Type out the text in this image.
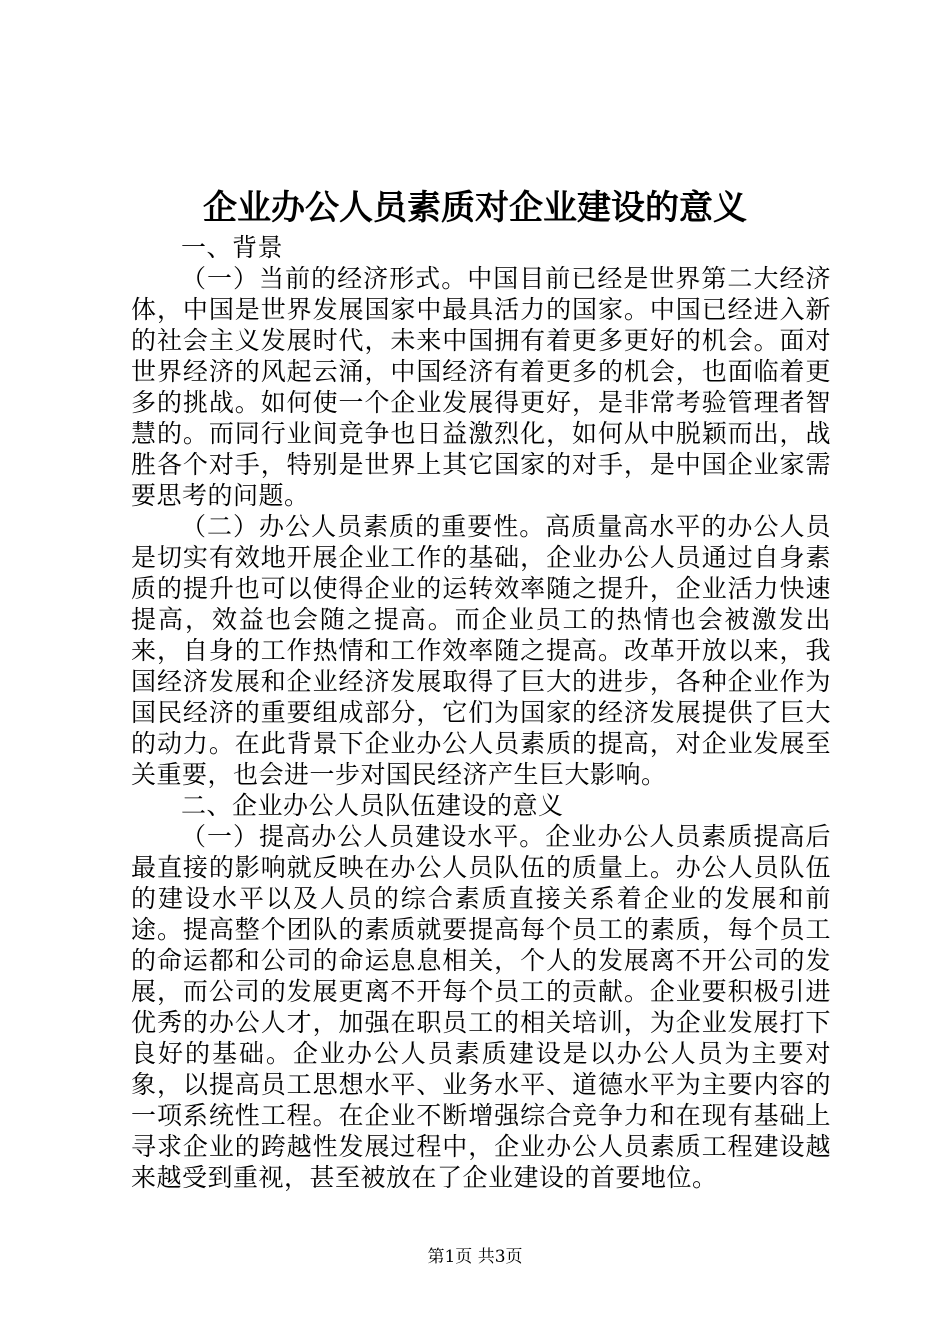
企业办公人员素质对企业建设的意义

一、背景

（一）当前的经济形式。中国目前已经是世界第二大经济体，中国是世界发展国家中最具活力的国家。中国已经进入新的社会主义发展时代，未来中国拥有着更多更好的机会。面对世界经济的风起云涌，中国经济有着更多的机会，也面临着更多的挑战。如何使一个企业发展得更好，是非常考验管理者智慧的。而同行业间竞争也日益激烈化，如何从中脱颖而出，战胜各个对手，特别是世界上其它国家的对手，是中国企业家需要思考的问题。

（二）办公人员素质的重要性。高质量高水平的办公人员是切实有效地开展企业工作的基础，企业办公人员通过自身素质的提升也可以使得企业的运转效率随之提升，企业活力快速提高，效益也会随之提高。而企业员工的热情也会被激发出来，自身的工作热情和工作效率随之提高。改革开放以来，我国经济发展和企业经济发展取得了巨大的进步，各种企业作为国民经济的重要组成部分，它们为国家的经济发展提供了巨大的动力。在此背景下企业办公人员素质的提高，对企业发展至关重要，也会进一步对国民经济产生巨大影响。

二、企业办公人员队伍建设的意义

（一）提高办公人员建设水平。企业办公人员素质提高后最直接的影响就反映在办公人员队伍的质量上。办公人员队伍的建设水平以及人员的综合素质直接关系着企业的发展和前途。提高整个团队的素质就要提高每个员工的素质，每个员工的命运都和公司的命运息息相关，个人的发展离不开公司的发展，而公司的发展更离不开每个员工的贡献。企业要积极引进优秀的办公人才，加强在职员工的相关培训，为企业发展打下良好的基础。企业办公人员素质建设是以办公人员为主要对象，以提高员工思想水平、业务水平、道德水平为主要内容的一项系统性工程。在企业不断增强综合竞争力和在现有基础上寻求企业的跨越性发展过程中，企业办公人员素质工程建设越来越受到重视，甚至被放在了企业建设的首要地位。

第1页 共3页
